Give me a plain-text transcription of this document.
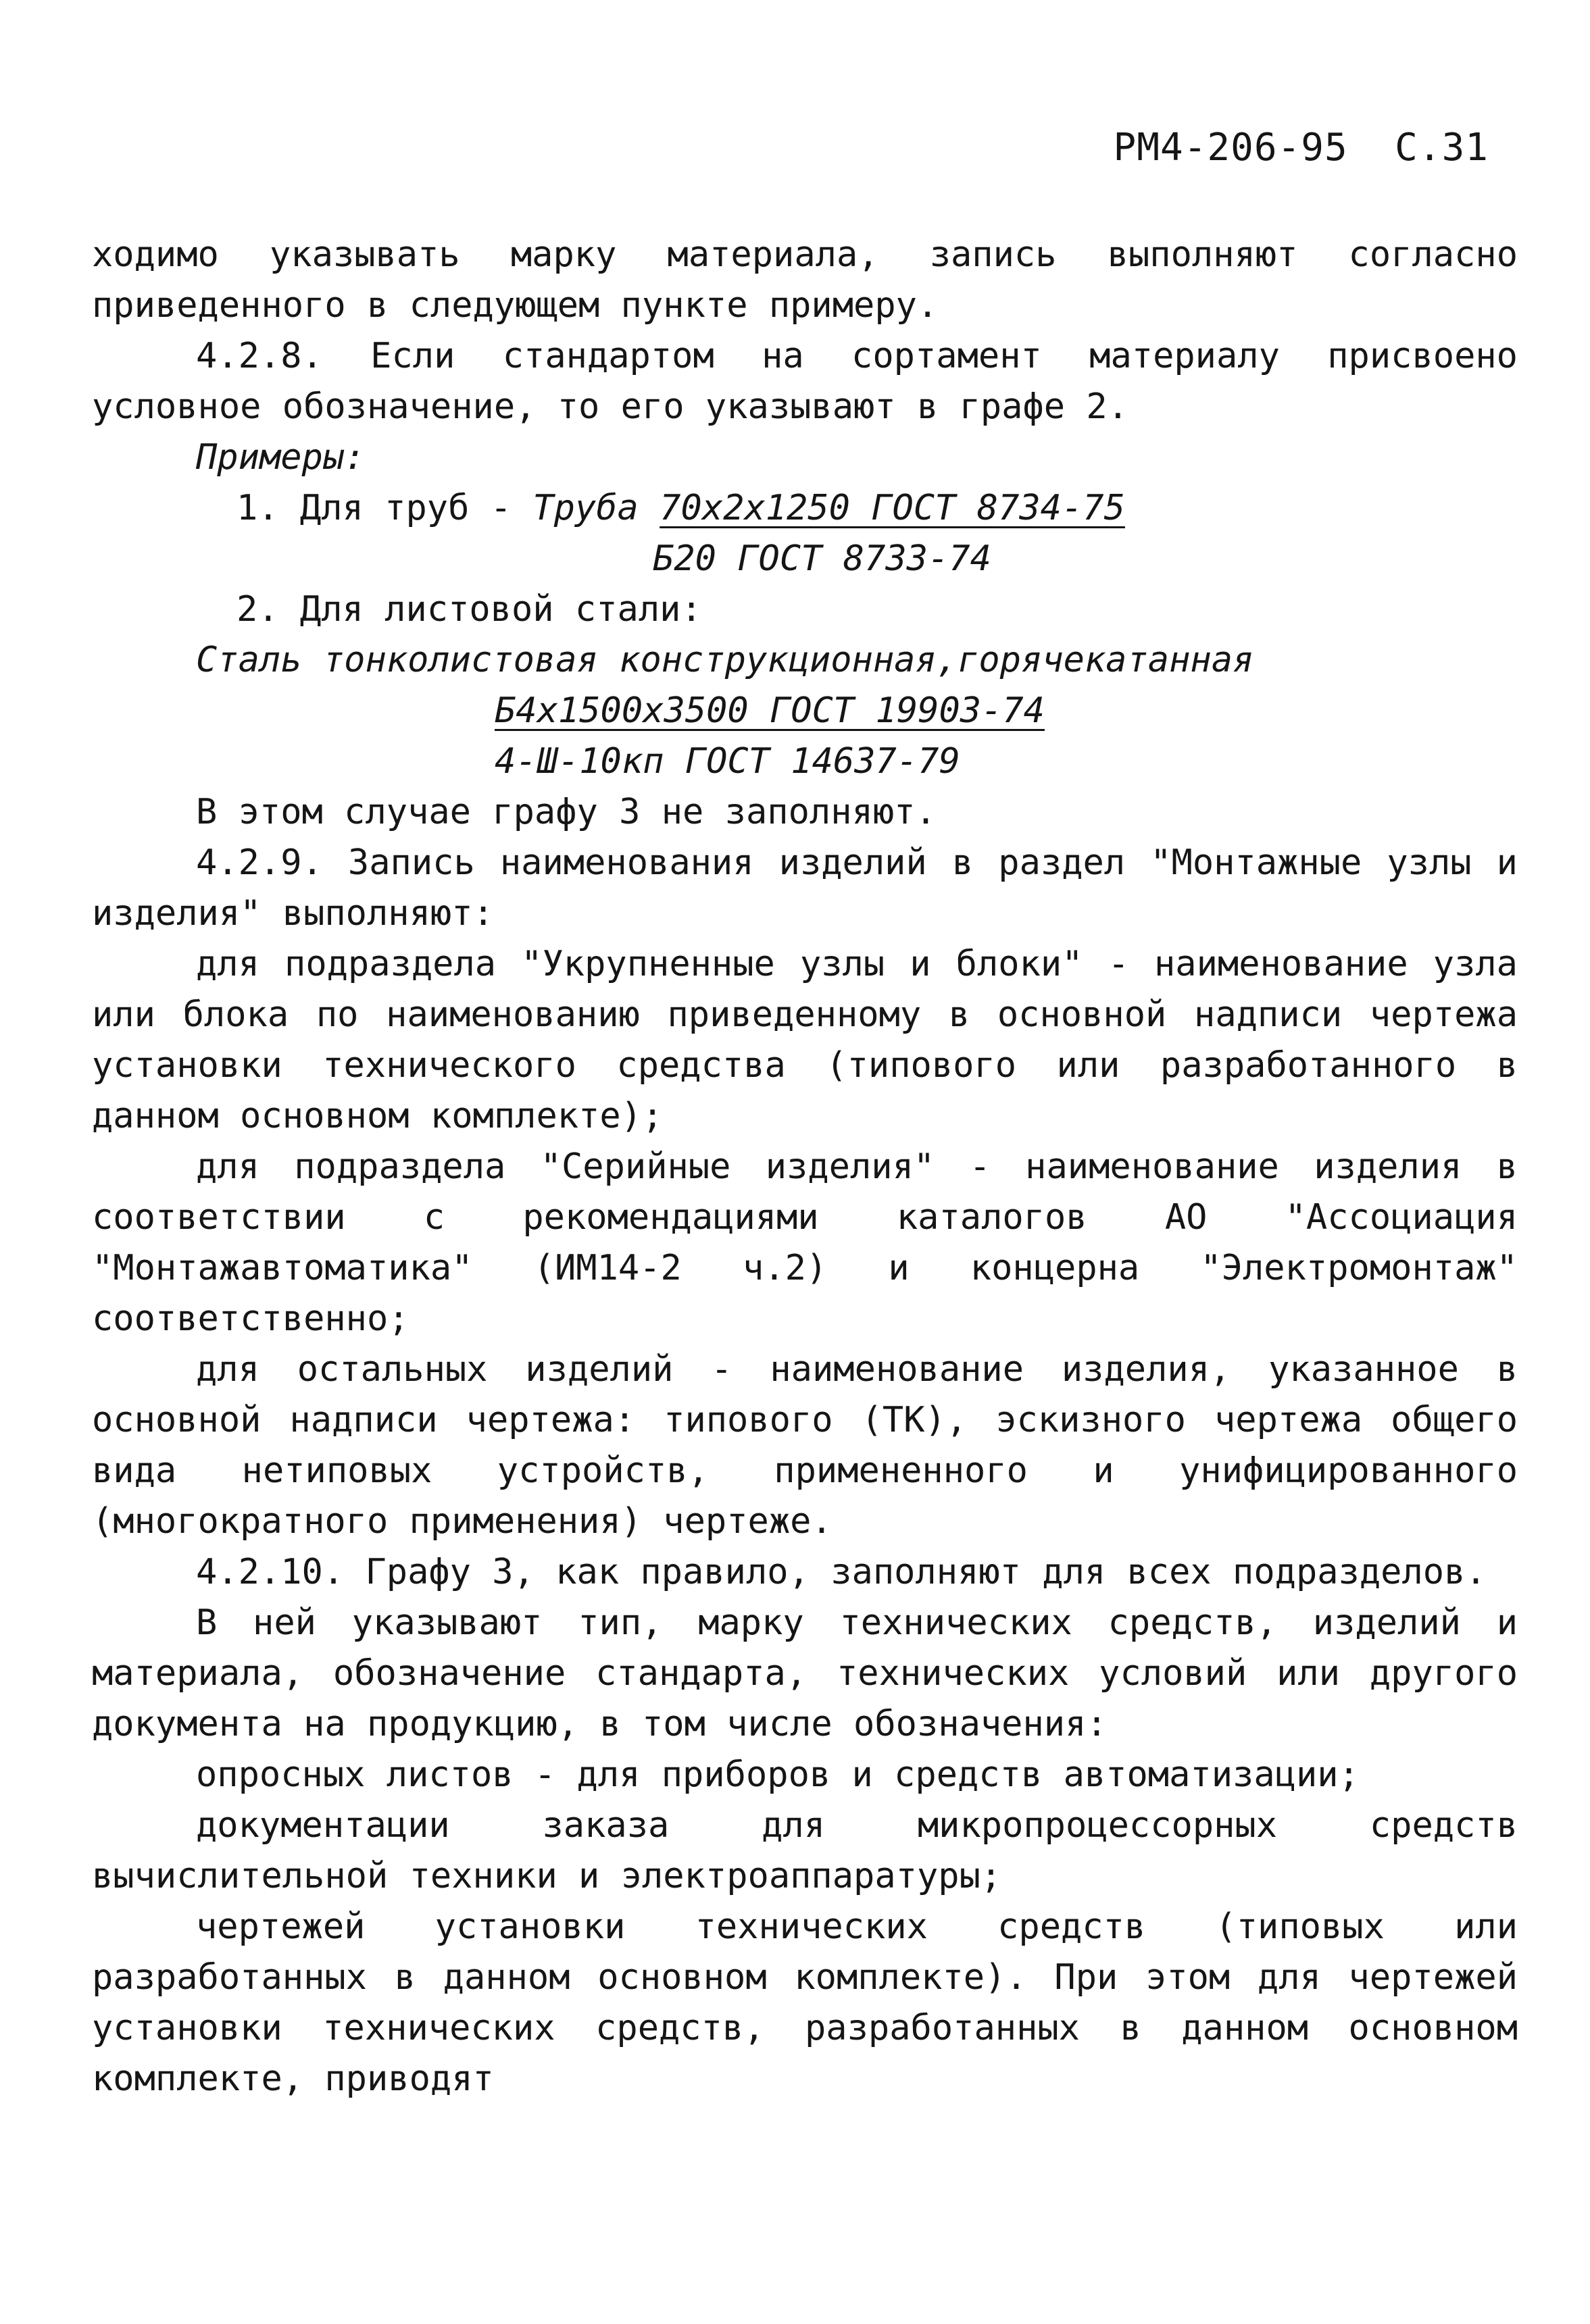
РМ4-206-95 С.31

ходимо указывать марку материала, запись выполняют согласно приведенного в следующем пункте примеру.

4.2.8. Если стандартом на сортамент материалу присвоено условное обозначение, то его указывают в графе 2.

Примеры:

1. Для труб - Труба 70х2х1250 ГОСТ 8734-75

Б20 ГОСТ 8733-74

2. Для листовой стали:

Сталь тонколистовая конструкционная,горячекатанная

Б4х1500х3500 ГОСТ 19903-74

4-Ш-10кп ГОСТ 14637-79

В этом случае графу 3 не заполняют.

4.2.9. Запись наименования изделий в раздел "Монтажные узлы и изделия" выполняют:

для подраздела "Укрупненные узлы и блоки" - наименование узла или блока по наименованию приведенному в основной надписи чертежа установки технического средства (типового или разработанного в данном основном комплекте);

для подраздела "Серийные изделия" - наименование изделия в соответствии с рекомендациями каталогов АО "Ассоциация "Монтажавтоматика" (ИМ14-2 ч.2) и концерна "Электромонтаж" соответственно;

для остальных изделий - наименование изделия, указанное в основной надписи чертежа: типового (ТК), эскизного чертежа общего вида нетиповых устройств, примененного и унифицированного (многократного применения) чертеже.

4.2.10. Графу 3, как правило, заполняют для всех подразделов.

В ней указывают тип, марку технических средств, изделий и материала, обозначение стандарта, технических условий или другого документа на продукцию, в том числе обозначения:

опросных листов - для приборов и средств автоматизации;

документации заказа для микропроцессорных средств вычислительной техники и электроаппаратуры;

чертежей установки технических средств (типовых или разработанных в данном основном комплекте). При этом для чертежей установки технических средств, разработанных в данном основном комплекте, приводят
